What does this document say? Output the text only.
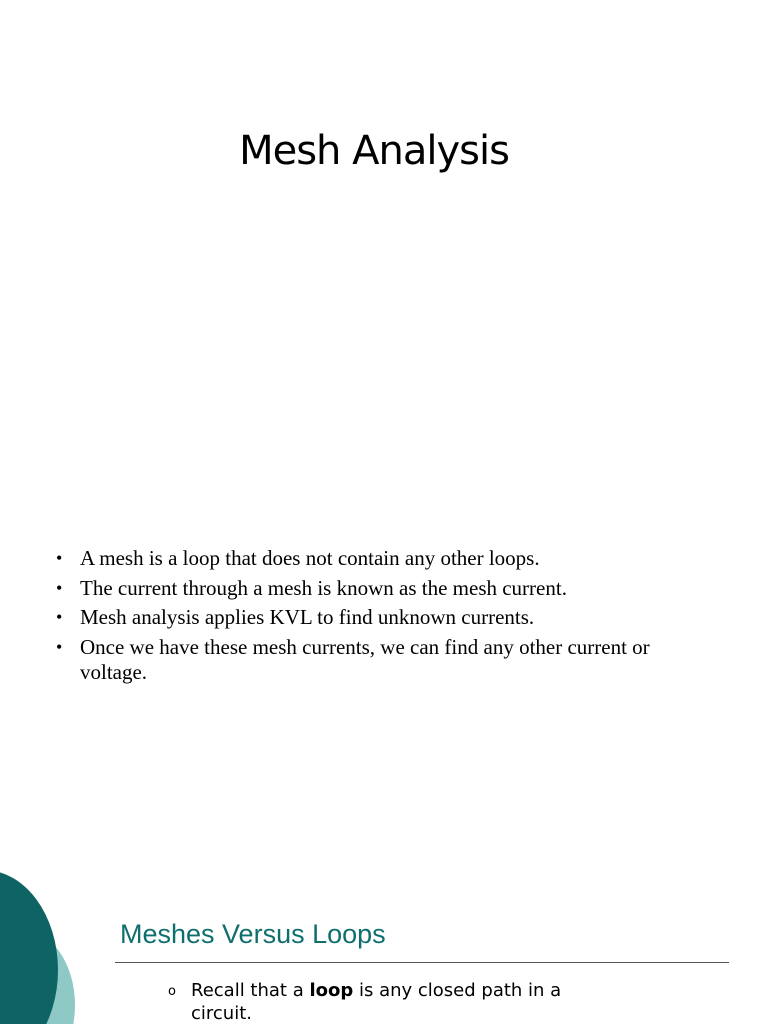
Mesh Analysis
• A mesh is a loop that does not contain any other loops.
• The current through a mesh is known as the mesh current.
• Mesh analysis applies KVL to find unknown currents.
• Once we have these mesh currents, we can find any other current or voltage.
Meshes Versus Loops
o Recall that a loop is any closed path in a circuit.
